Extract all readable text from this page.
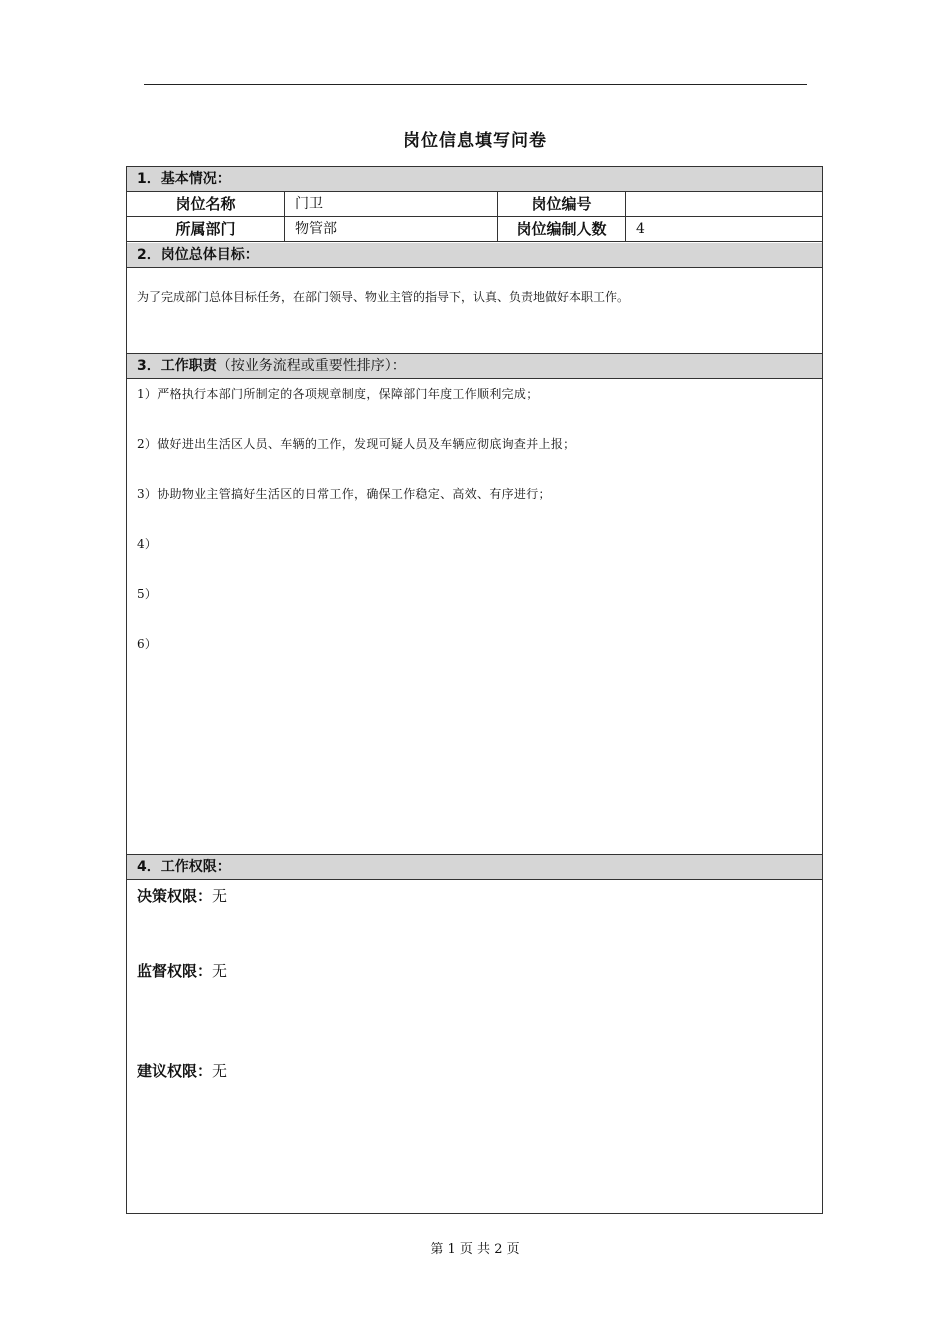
岗位信息填写问卷
1．基本情况：
岗位名称	门卫	岗位编号
所属部门	物管部	岗位编制人数	4
2．岗位总体目标：
为了完成部门总体目标任务，在部门领导、物业主管的指导下，认真、负责地做好本职工作。
3．工作职责（按业务流程或重要性排序）：
1）严格执行本部门所制定的各项规章制度，保障部门年度工作顺利完成；
2）做好进出生活区人员、车辆的工作，发现可疑人员及车辆应彻底询查并上报；
3）协助物业主管搞好生活区的日常工作，确保工作稳定、高效、有序进行；
4）
5）
6）
4．工作权限：
决策权限：无
监督权限：无
建议权限：无
第 1 页 共 2 页
